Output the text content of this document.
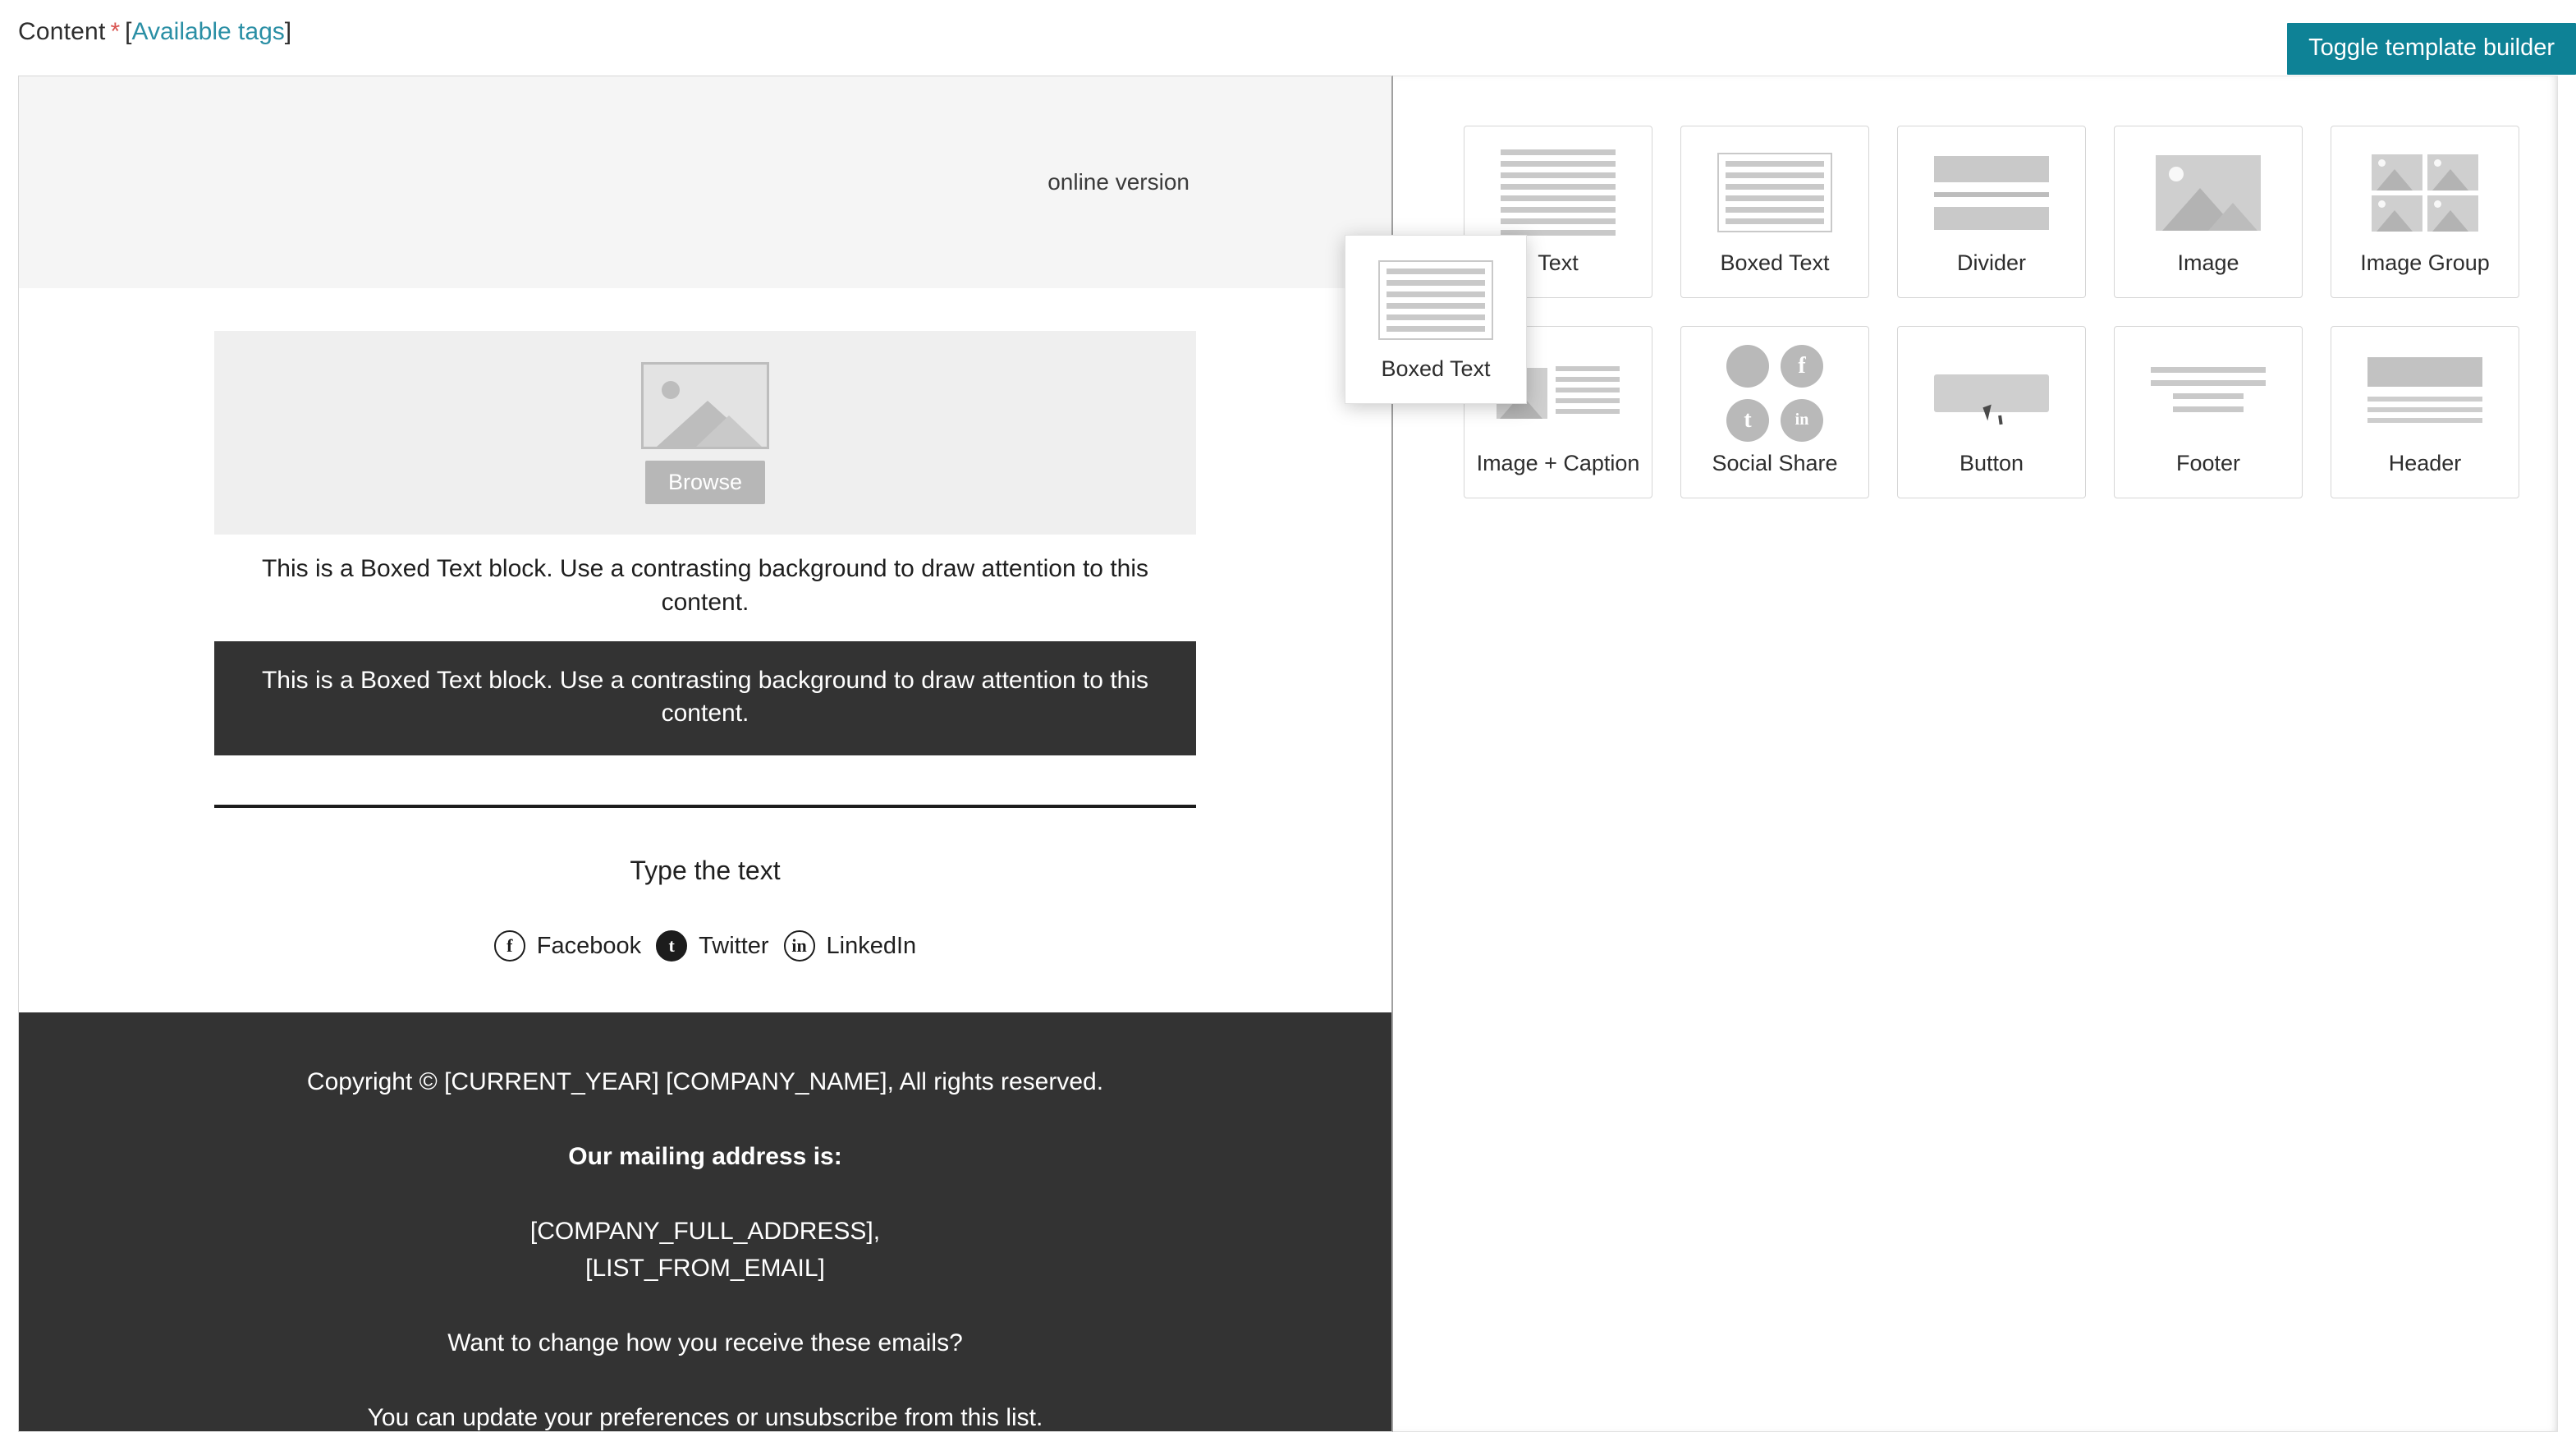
Content * [ Available tags ]
Toggle template builder
online version
Browse
This is a Boxed Text block. Use a contrasting background to draw attention to this content.
This is a Boxed Text block. Use a contrasting background to draw attention to this content.
Type the text
f	Facebook	t	Twitter	in LinkedIn

Copyright © [CURRENT_YEAR] [COMPANY_NAME], All rights reserved.

Our mailing address is:

[COMPANY_FULL_ADDRESS],
[LIST_FROM_EMAIL]

Want to change how you receive these emails?

You can update your preferences or unsubscribe from this list.

Text	Boxed Text	Divider	Image	Image Group
Image + Caption
f
t	in
Social Share	Button	Footer	Header
Boxed Text
